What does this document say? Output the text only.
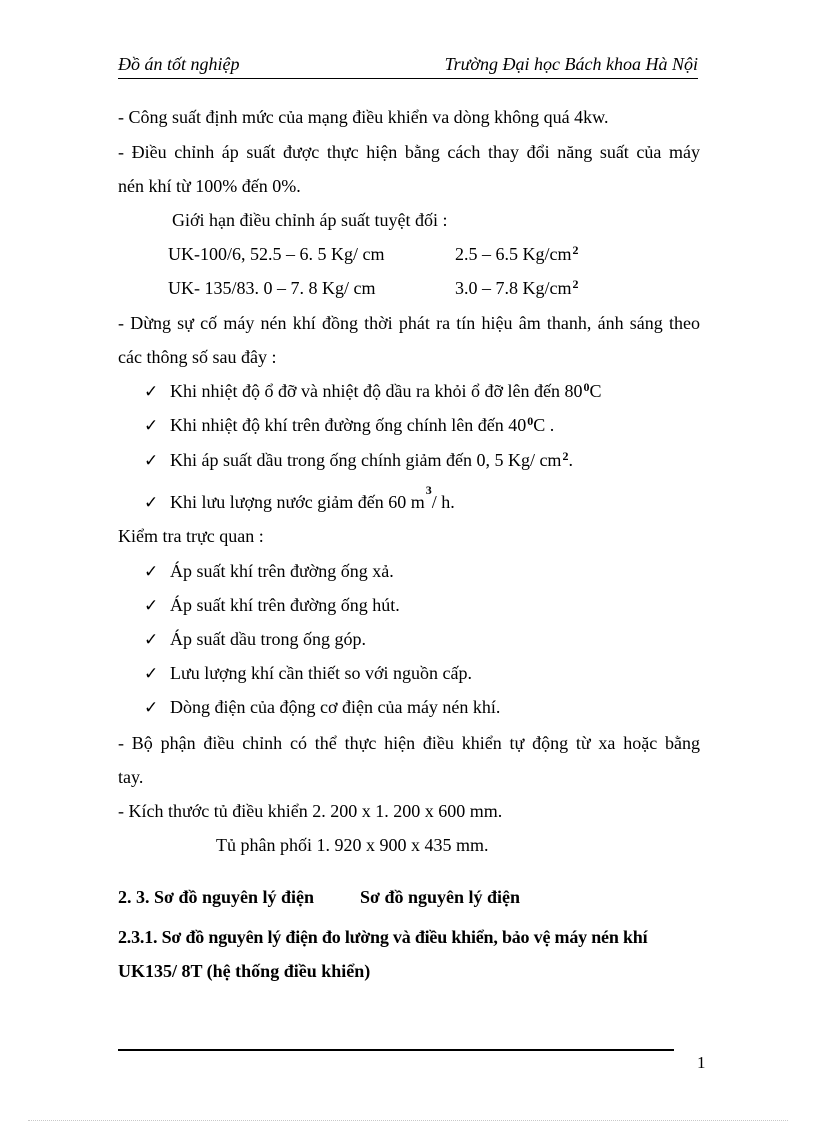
Đồ án tốt nghiệp	Trường Đại học Bách khoa Hà Nội
- Công suất định mức của mạng điều khiển va dòng không quá 4kw.
- Điều chỉnh áp suất được thực hiện bằng cách thay đổi năng suất của máy
nén khí từ 100% đến 0%.
Giới hạn điều chỉnh áp suất tuyệt đối :
UK-100/6, 52.5 – 6. 5 Kg/ cm	2.5 – 6.5 $Kg/cm^2$
UK- 135/83. 0 – 7. 8 Kg/ cm	3.0 – 7.8 $Kg/cm^2$
- Dừng sự cố máy nén khí đồng thời phát ra tín hiệu âm thanh, ánh sáng theo
các thông số sau đây :
✓ Khi nhiệt độ ổ đỡ và nhiệt độ dầu ra khỏi ổ đỡ lên đến $80^0C$
✓ Khi nhiệt độ khí trên đường ống chính lên đến $40^0C$ .
✓ Khi áp suất dầu trong ống chính giảm đến 0, 5 Kg/ $cm^2$.
✓ Khi lưu lượng nước giảm đến 60 $m^3/$ h.
Kiểm tra trực quan :
✓ Áp suất khí trên đường ống xả.
✓ Áp suất khí trên đường ống hút.
✓ Áp suất dầu trong ống góp.
✓ Lưu lượng khí cần thiết so với nguồn cấp.
✓ Dòng điện của động cơ điện của máy nén khí.
- Bộ phận điều chỉnh có thể thực hiện điều khiển tự động từ xa hoặc bằng
tay.
- Kích thước tủ điều khiển 2. 200 x 1. 200 x 600 mm.
Tủ phân phối 1. 920 x 900 x 435 mm.
2. 3. Sơ đồ nguyên lý điện	Sơ đồ nguyên lý điện
2.3.1. Sơ đồ nguyên lý điện đo lường và điều khiển, bảo vệ máy nén khí
UK135/ 8T (hệ thống điều khiển)
1
